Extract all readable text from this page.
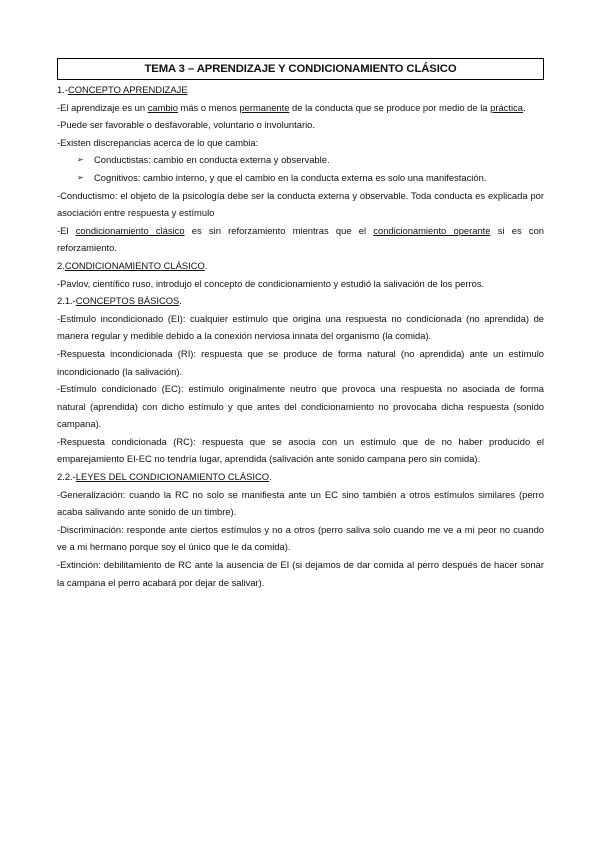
TEMA 3 – APRENDIZAJE Y CONDICIONAMIENTO CLÁSICO

1.-CONCEPTO APRENDIZAJE

-El aprendizaje es un cambio más o menos permanente de la conducta que se produce por medio de la práctica.

-Puede ser favorable o desfavorable, voluntario o involuntario.

-Existen discrepancias acerca de lo que cambia:

➢ Conductistas: cambio en conducta externa y observable.
➢ Cognitivos: cambio interno, y que el cambio en la conducta externa es solo una manifestación.

-Conductismo: el objeto de la psicología debe ser la conducta externa y observable. Toda conducta es explicada por asociación entre respuesta y estímulo

-El condicionamiento clásico es sin reforzamiento mientras que el condicionamiento operante si es con reforzamiento.

2.CONDICIONAMIENTO CLÁSICO.

-Pavlov, científico ruso, introdujo el concepto de condicionamiento y estudió la salivación de los perros.

2.1.-CONCEPTOS BÁSICOS.

-Estimulo incondicionado (EI): cualquier estímulo que origina una respuesta no condicionada (no aprendida) de manera regular y medible debido a la conexión nerviosa innata del organismo (la comida).

-Respuesta incondicionada (RI): respuesta que se produce de forma natural (no aprendida) ante un estímulo incondicionado (la salivación).

-Estímulo condicionado (EC): estímulo originalmente neutro que provoca una respuesta no asociada de forma natural (aprendida) con dicho estímulo y que antes del condicionamiento no provocaba dicha respuesta (sonido campana).

-Respuesta condicionada (RC): respuesta que se asocia con un estímulo que de no haber producido el emparejamiento EI-EC no tendría lugar, aprendida (salivación ante sonido campana pero sin comida).

2.2.-LEYES DEL CONDICIONAMIENTO CLÁSICO.

-Generalización: cuando la RC no solo se manifiesta ante un EC sino también a otros estímulos similares (perro acaba salivando ante sonido de un timbre).

-Discriminación: responde ante ciertos estímulos y no a otros (perro saliva solo cuando me ve a mi peor no cuando ve a mi hermano porque soy el único que le da comida).

-Extinción: debilitamiento de RC ante la ausencia de EI (si dejamos de dar comida al perro después de hacer sonar la campana el perro acabará por dejar de salivar).
